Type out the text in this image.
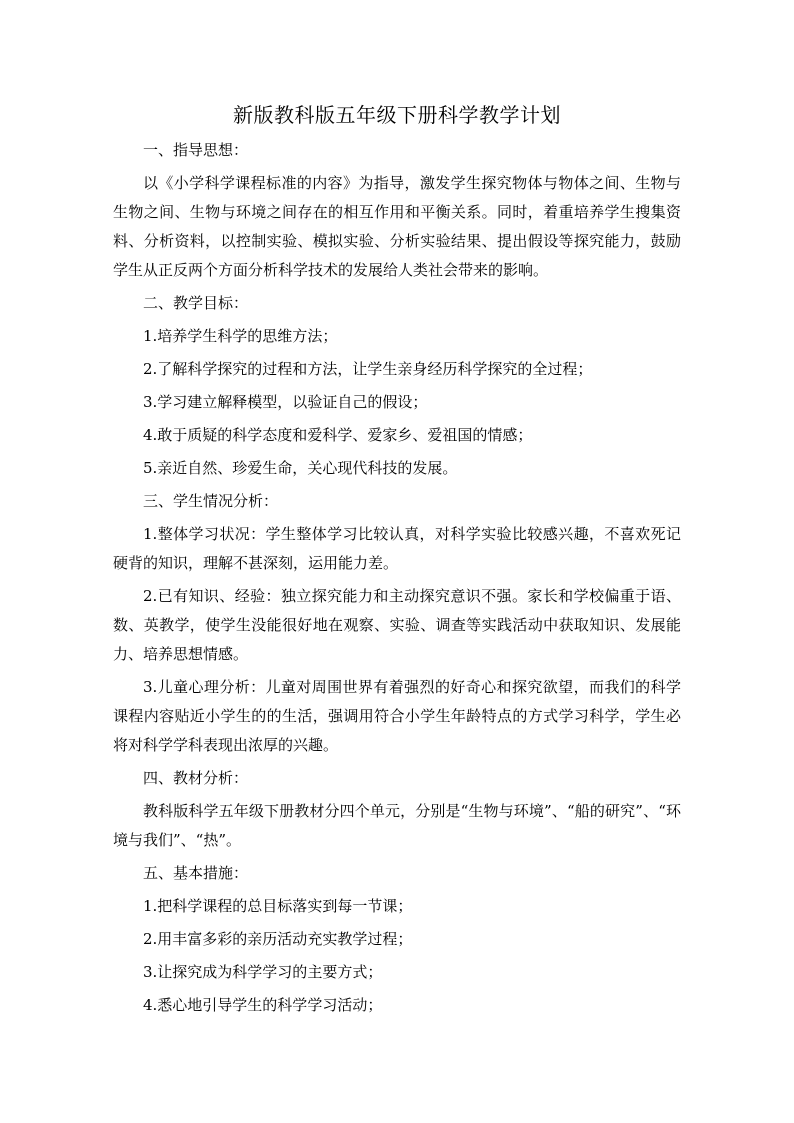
新版教科版五年级下册科学教学计划

一、指导思想：

以《小学科学课程标准的内容》为指导，激发学生探究物体与物体之间、生物与生物之间、生物与环境之间存在的相互作用和平衡关系。同时，着重培养学生搜集资料、分析资料，以控制实验、模拟实验、分析实验结果、提出假设等探究能力，鼓励学生从正反两个方面分析科学技术的发展给人类社会带来的影响。

二、教学目标：

1.培养学生科学的思维方法；

2.了解科学探究的过程和方法，让学生亲身经历科学探究的全过程；

3.学习建立解释模型，以验证自己的假设；

4.敢于质疑的科学态度和爱科学、爱家乡、爱祖国的情感；

5.亲近自然、珍爱生命，关心现代科技的发展。

三、学生情况分析：

1.整体学习状况：学生整体学习比较认真，对科学实验比较感兴趣，不喜欢死记硬背的知识，理解不甚深刻，运用能力差。

2.已有知识、经验：独立探究能力和主动探究意识不强。家长和学校偏重于语、数、英教学，使学生没能很好地在观察、实验、调查等实践活动中获取知识、发展能力、培养思想情感。

3.儿童心理分析：儿童对周围世界有着强烈的好奇心和探究欲望，而我们的科学课程内容贴近小学生的的生活，强调用符合小学生年龄特点的方式学习科学，学生必将对科学学科表现出浓厚的兴趣。

四、教材分析：

教科版科学五年级下册教材分四个单元，分别是“生物与环境”、“船的研究”、“环境与我们”、“热”。

五、基本措施：

1.把科学课程的总目标落实到每一节课；

2.用丰富多彩的亲历活动充实教学过程；

3.让探究成为科学学习的主要方式；

4.悉心地引导学生的科学学习活动；
